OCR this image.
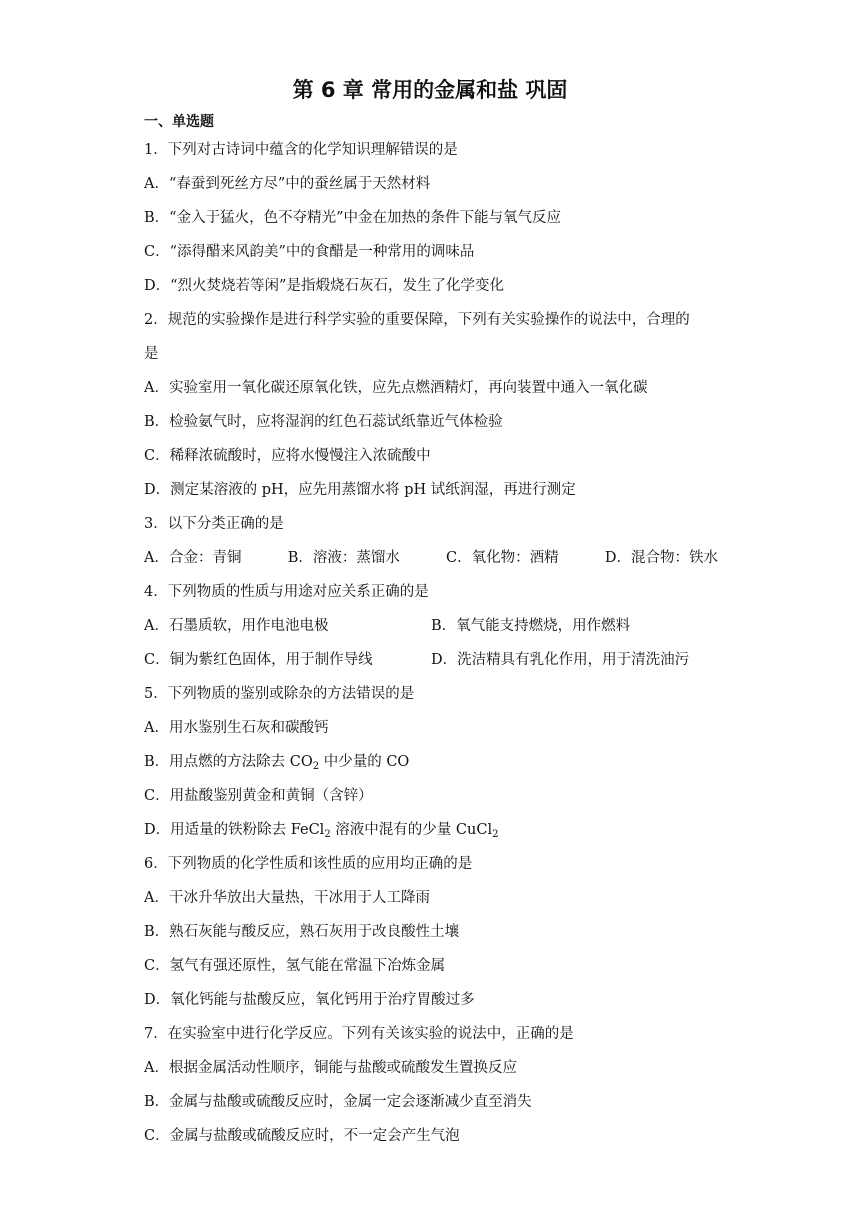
第 6 章 常用的金属和盐 巩固
一、单选题
1．下列对古诗词中蕴含的化学知识理解错误的是
A．“春蚕到死丝方尽”中的蚕丝属于天然材料
B．“金入于猛火，色不夺精光”中金在加热的条件下能与氧气反应
C．“添得醋来风韵美”中的食醋是一种常用的调味品
D．“烈火焚烧若等闲”是指煅烧石灰石，发生了化学变化
2．规范的实验操作是进行科学实验的重要保障，下列有关实验操作的说法中，合理的
是
A．实验室用一氧化碳还原氧化铁，应先点燃酒精灯，再向装置中通入一氧化碳
B．检验氨气时，应将湿润的红色石蕊试纸靠近气体检验
C．稀释浓硫酸时，应将水慢慢注入浓硫酸中
D．测定某溶液的 pH，应先用蒸馏水将 pH 试纸润湿，再进行测定
3．以下分类正确的是
A．合金：青铜	B．溶液：蒸馏水	C．氧化物：酒精	D．混合物：铁水
4．下列物质的性质与用途对应关系正确的是
A．石墨质软，用作电池电极	B．氧气能支持燃烧，用作燃料
C．铜为紫红色固体，用于制作导线	D．洗洁精具有乳化作用，用于清洗油污
5．下列物质的鉴别或除杂的方法错误的是
A．用水鉴别生石灰和碳酸钙
B．用点燃的方法除去 $CO_2$ 中少量的 CO
C．用盐酸鉴别黄金和黄铜（含锌）
D．用适量的铁粉除去 FeCl$_2$ 溶液中混有的少量 CuCl$_2$
6．下列物质的化学性质和该性质的应用均正确的是
A．干冰升华放出大量热，干冰用于人工降雨
B．熟石灰能与酸反应，熟石灰用于改良酸性土壤
C．氢气有强还原性，氢气能在常温下冶炼金属
D．氧化钙能与盐酸反应，氧化钙用于治疗胃酸过多
7．在实验室中进行化学反应。下列有关该实验的说法中，正确的是
A．根据金属活动性顺序，铜能与盐酸或硫酸发生置换反应
B．金属与盐酸或硫酸反应时，金属一定会逐渐减少直至消失
C．金属与盐酸或硫酸反应时，不一定会产生气泡
